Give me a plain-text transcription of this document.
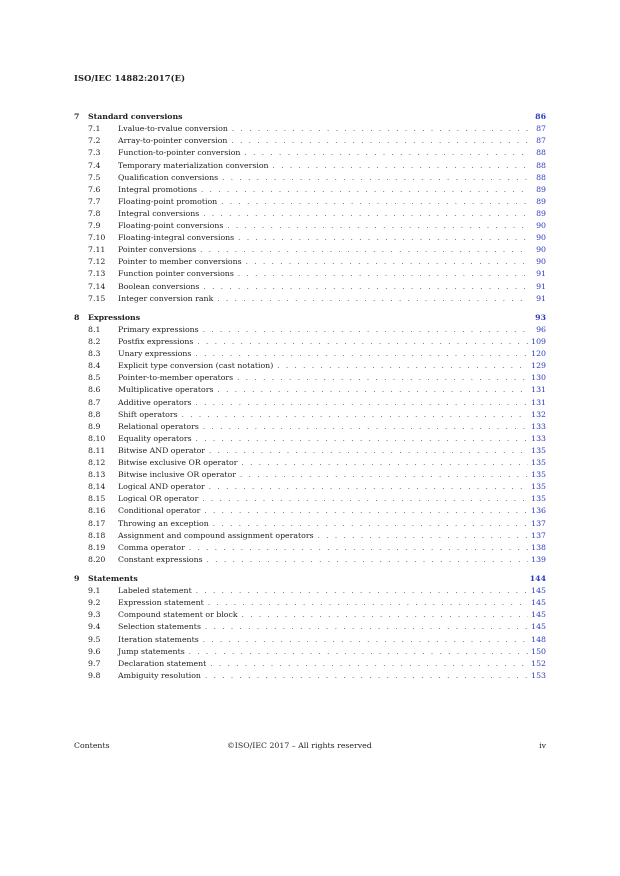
ISO/IEC 14882:2017(E)
7	Standard conversions	86
7.1	Lvalue-to-rvalue conversion . . .	87
7.2	Array-to-pointer conversion . . .	87
7.3	Function-to-pointer conversion . . .	88
7.4	Temporary materialization conversion . . .	88
7.5	Qualification conversions . . .	88
7.6	Integral promotions . . .	89
7.7	Floating-point promotion . . .	89
7.8	Integral conversions . . .	89
7.9	Floating-point conversions . . .	90
7.10	Floating-integral conversions . . .	90
7.11	Pointer conversions . . .	90
7.12	Pointer to member conversions . . .	90
7.13	Function pointer conversions . . .	91
7.14	Boolean conversions . . .	91
7.15	Integer conversion rank . . .	91
8	Expressions	93
8.1	Primary expressions . . .	96
8.2	Postfix expressions . . .	109
8.3	Unary expressions . . .	120
8.4	Explicit type conversion (cast notation) . . .	129
8.5	Pointer-to-member operators . . .	130
8.6	Multiplicative operators . . .	131
8.7	Additive operators . . .	131
8.8	Shift operators . . .	132
8.9	Relational operators . . .	133
8.10	Equality operators . . .	133
8.11	Bitwise AND operator . . .	135
8.12	Bitwise exclusive OR operator . . .	135
8.13	Bitwise inclusive OR operator . . .	135
8.14	Logical AND operator . . .	135
8.15	Logical OR operator . . .	135
8.16	Conditional operator . . .	136
8.17	Throwing an exception . . .	137
8.18	Assignment and compound assignment operators . . .	137
8.19	Comma operator . . .	138
8.20	Constant expressions . . .	139
9	Statements	144
9.1	Labeled statement . . .	145
9.2	Expression statement . . .	145
9.3	Compound statement or block . . .	145
9.4	Selection statements . . .	145
9.5	Iteration statements . . .	148
9.6	Jump statements . . .	150
9.7	Declaration statement . . .	152
9.8	Ambiguity resolution . . .	153
Contents	©ISO/IEC 2017 – All rights reserved	iv
